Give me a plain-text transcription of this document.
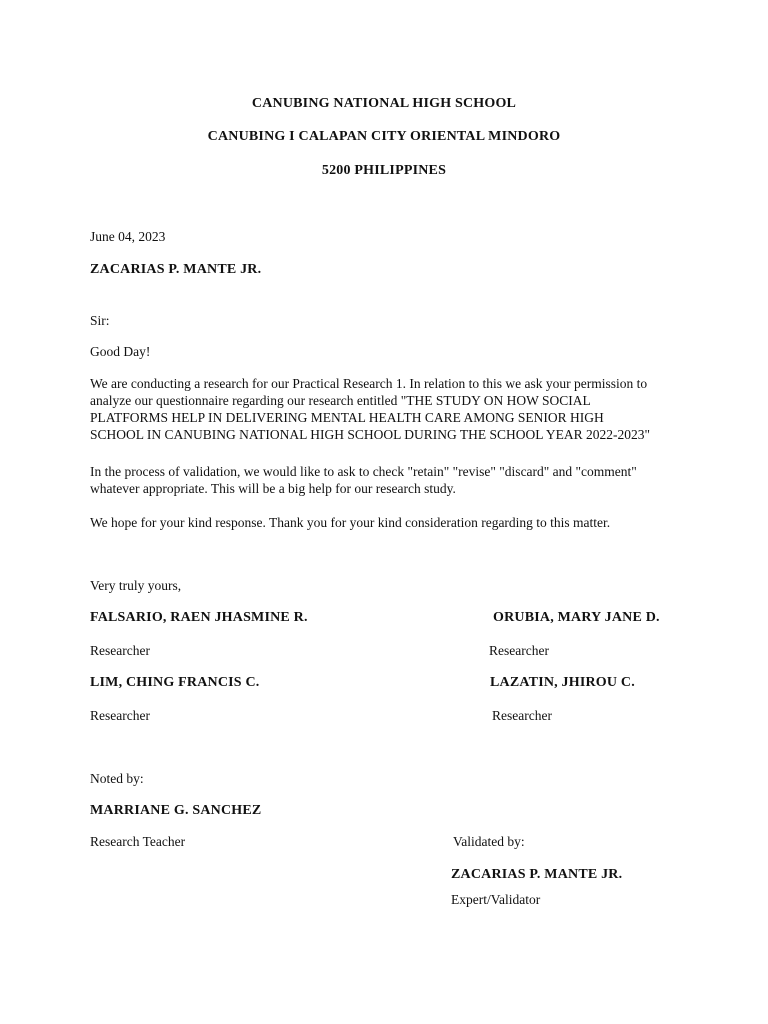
CANUBING NATIONAL HIGH SCHOOL
CANUBING I CALAPAN CITY ORIENTAL MINDORO
5200 PHILIPPINES
June 04, 2023
ZACARIAS P. MANTE JR.
Sir:
Good Day!
We are conducting a research for our Practical Research 1. In relation to this we ask your permission to
analyze our questionnaire regarding our research entitled "THE STUDY ON HOW SOCIAL
PLATFORMS HELP IN DELIVERING MENTAL HEALTH CARE AMONG SENIOR HIGH
SCHOOL IN CANUBING NATIONAL HIGH SCHOOL DURING THE SCHOOL YEAR 2022-2023"
In the process of validation, we would like to ask to check "retain" "revise" "discard" and "comment"
whatever appropriate. This will be a big help for our research study.
We hope for your kind response. Thank you for your kind consideration regarding to this matter.
Very truly yours,
FALSARIO, RAEN JHASMINE R.	ORUBIA, MARY JANE D.
Researcher	Researcher
LIM, CHING FRANCIS C.	LAZATIN, JHIROU C.
Researcher	Researcher
Noted by:
MARRIANE G. SANCHEZ
Research Teacher	Validated by:
ZACARIAS P. MANTE JR.
Expert/Validator
